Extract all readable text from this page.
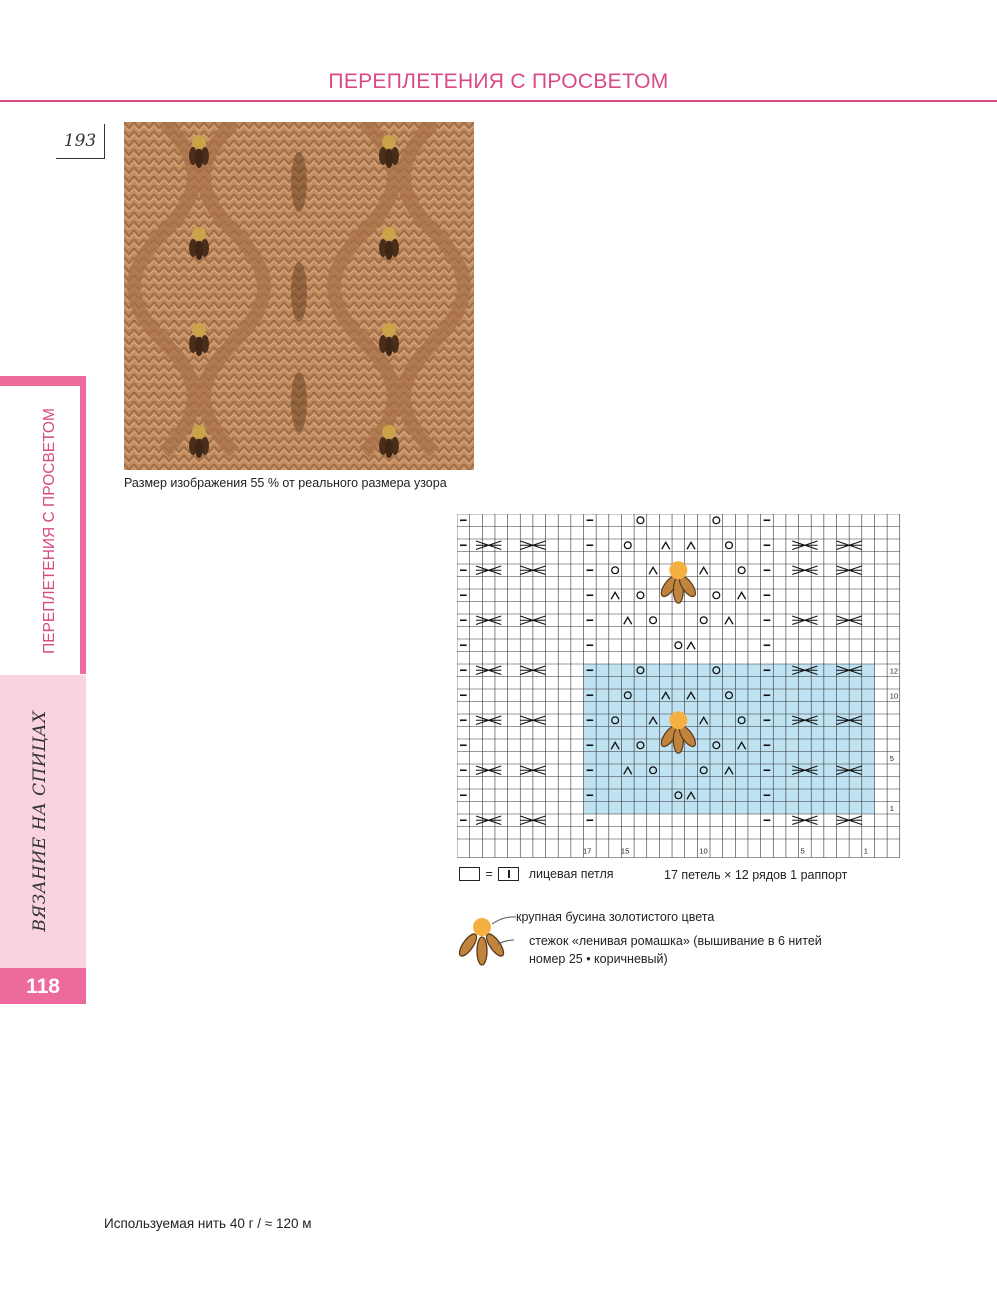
ПЕРЕПЛЕТЕНИЯ С ПРОСВЕТОМ
193
ПЕРЕПЛЕТЕНИЯ С ПРОСВЕТОМ
ВЯЗАНИЕ НА СПИЦАХ
118
Размер изображения 55 % от реального размера узора
17	15	10	5	1
12
10
5
1
=	лицевая петля	17 петель × 12 рядов 1 раппорт
крупная бусина золотистого цвета
стежок «ленивая ромашка» (вышивание в 6 нитей
номер 25 • коричневый)
Используемая нить 40 г / ≈ 120 м
